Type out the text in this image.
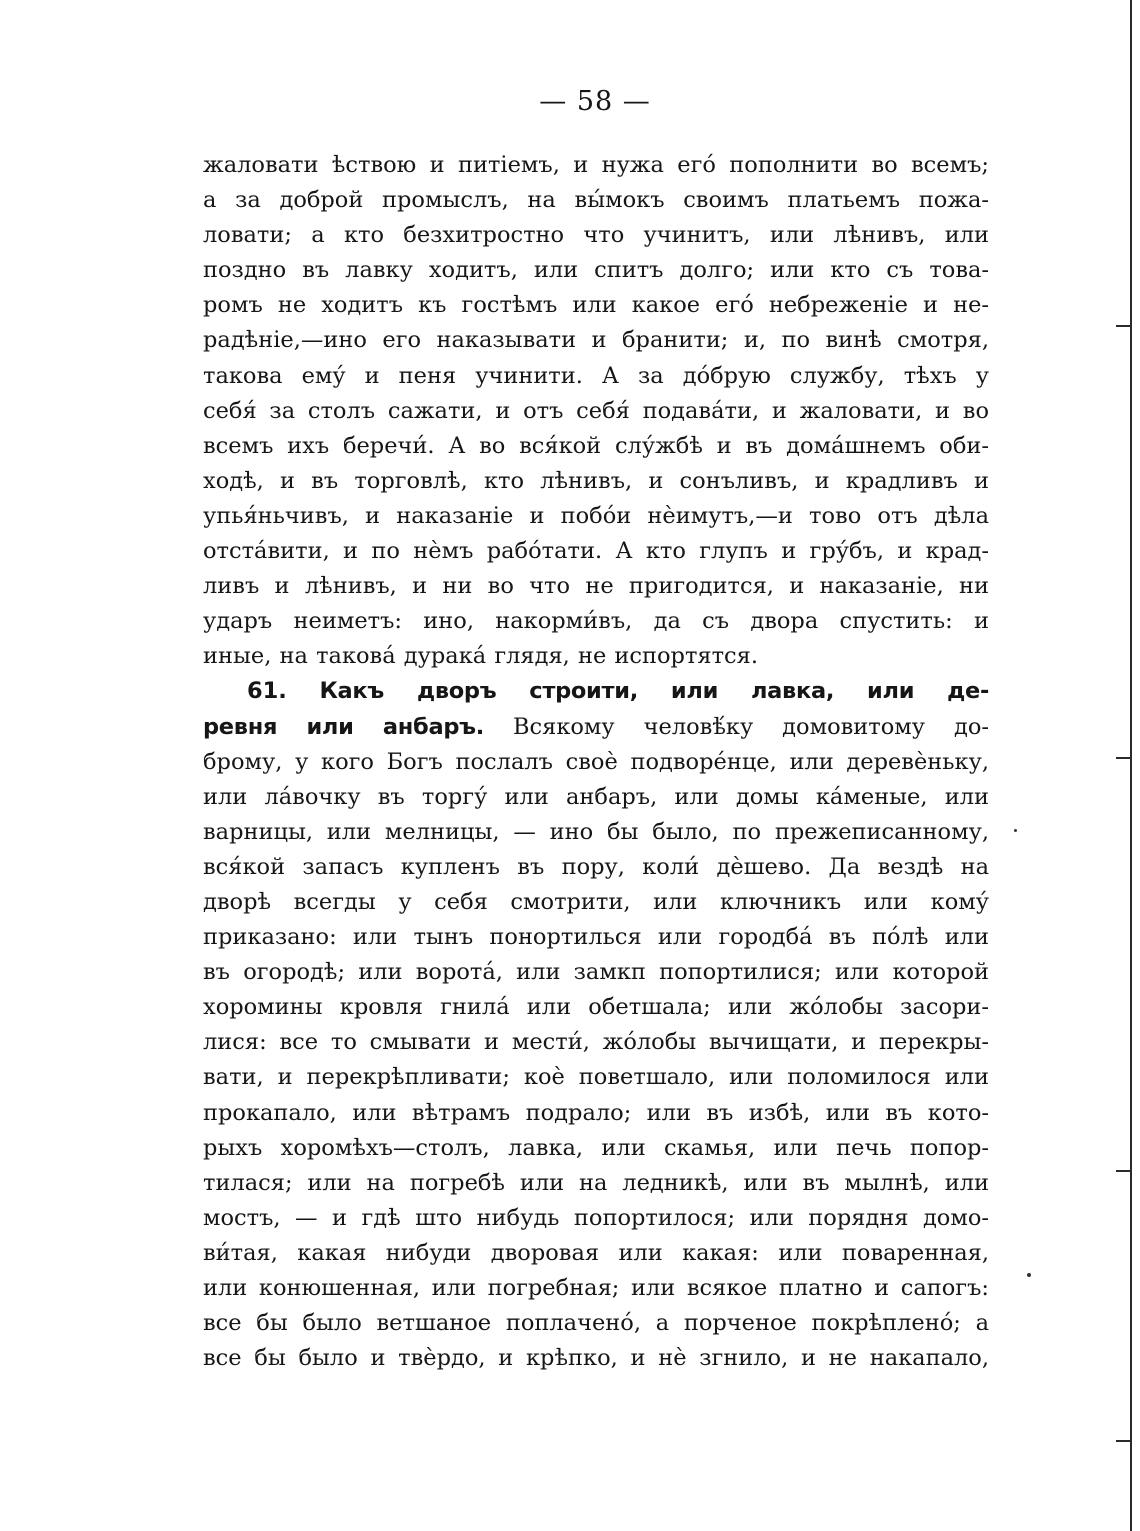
— 58 —
жаловати ѣствою и питіемъ, и нужа его́ пополнити во всемъ;
а за доброй промыслъ, на вы́мокъ своимъ платьемъ пожа-
ловати; а кто безхитростно что учинитъ, или лѣнивъ, или
поздно въ лавку ходитъ, или спитъ долго; или кто съ това-
ромъ не ходитъ къ гостѣмъ или какое его́ небреженіе и не-
радѣніе,—ино его наказывати и бранити; и, по винѣ смотря,
такова ему́ и пеня учинити. А за до́брую службу, тѣхъ у
себя́ за столъ сажати, и отъ себя́ подава́ти, и жаловати, и во
всемъ ихъ беречи́. А во вся́кой слу́жбѣ и въ дома́шнемъ оби-
ходѣ, и въ торговлѣ, кто лѣнивъ, и сонъливъ, и крадливъ и
упья́ньчивъ, и наказаніе и побо́и нѐимутъ,—и тово отъ дѣла
отста́вити, и по нѐмъ рабо́тати. А кто глупъ и гру́бъ, и крад-
ливъ и лѣнивъ, и ни во что не пригодится, и наказаніе, ни
ударъ неиметъ: ино, накорми́въ, да съ двора спустить: и
иные, на такова́ дурака́ глядя, не испортятся.
61. Какъ дворъ строити, или лавка, или де-
ревня или анбаръ. Всякому человѣ́ку домовитому до-
брому, у кого Богъ послалъ своѐ подворе́нце, или деревѐньку,
или ла́вочку въ торгу́ или анбаръ, или домы ка́меные, или
варницы, или мелницы, — ино бы было, по прежеписанному,
вся́кой запасъ купленъ въ пору, коли́ дѐшево. Да вездѣ на
дворѣ всегды у себя смотрити, или ключникъ или кому́
приказано: или тынъ понортилься или городба́ въ по́лѣ или
въ огородѣ; или ворота́, или замкп попортилися; или которой
хоромины кровля гнила́ или обетшала; или жо́лобы засори-
лися: все то смывати и мести́, жо́лобы вычищати, и перекры-
вати, и перекрѣпливати; коѐ поветшало, или поломилося или
прокапало, или вѣтрамъ подрало; или въ избѣ, или въ кото-
рыхъ хоромѣхъ—столъ, лавка, или скамья, или печь попор-
тилася; или на погребѣ или на ледникѣ, или въ мылнѣ, или
мостъ, — и гдѣ што нибудь попортилося; или порядня домо-
ви́тая, какая нибуди дворовая или какая: или поваренная,
или конюшенная, или погребная; или всякое платно и сапогъ:
все бы было ветшаное поплачено́, а порченое покрѣплено́; а
все бы было и твѐрдо, и крѣпко, и нѐ згнило, и не накапало,
